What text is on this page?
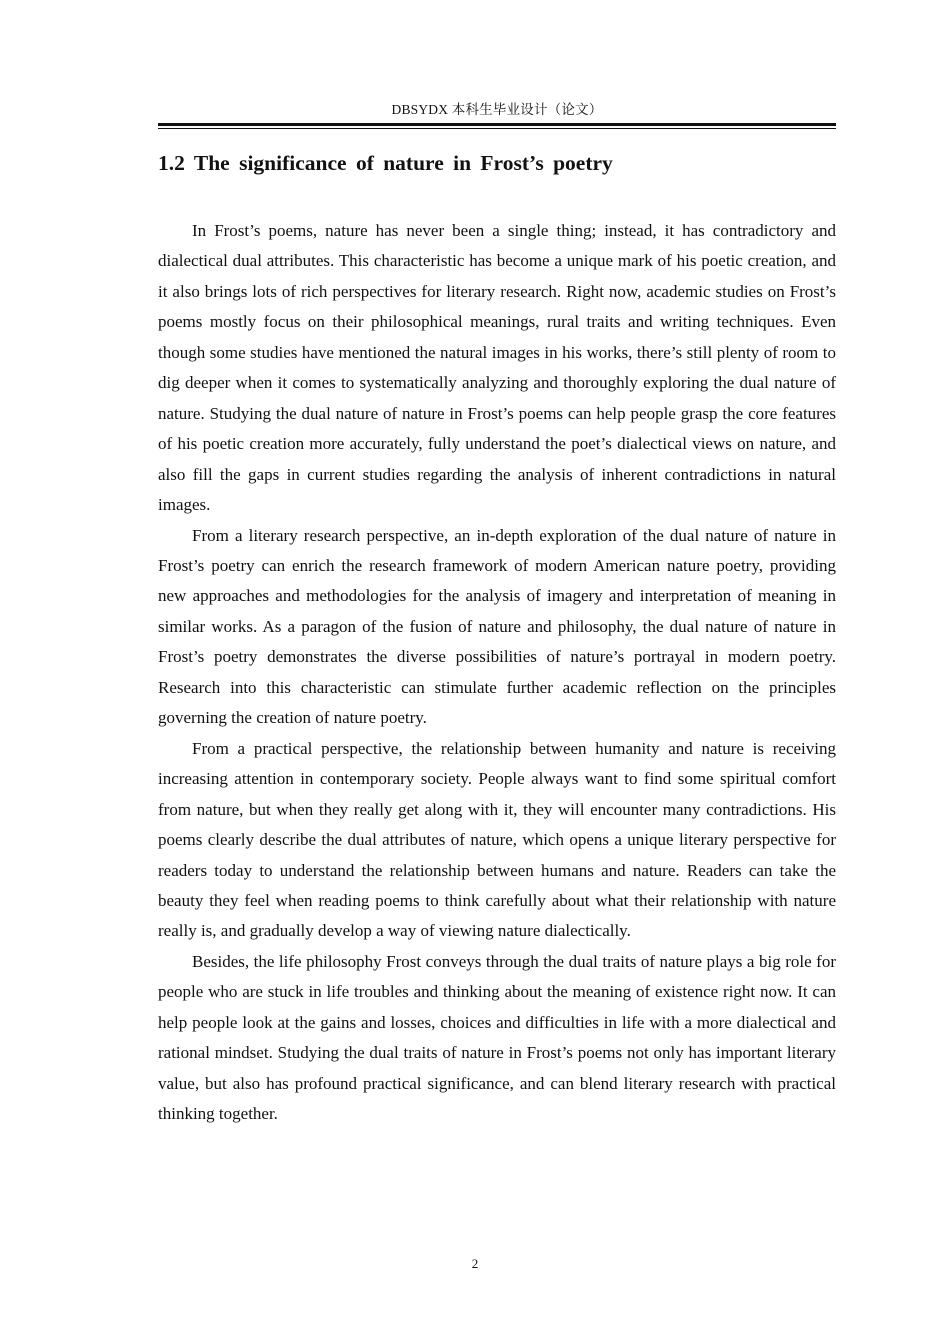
DBSYDX 本科生毕业设计（论文）
1.2 The significance of nature in Frost’s poetry

In Frost’s poems, nature has never been a single thing; instead, it has contradictory and dialectical dual attributes. This characteristic has become a unique mark of his poetic creation, and it also brings lots of rich perspectives for literary research. Right now, academic studies on Frost’s poems mostly focus on their philosophical meanings, rural traits and writing techniques. Even though some studies have mentioned the natural images in his works, there’s still plenty of room to dig deeper when it comes to systematically analyzing and thoroughly exploring the dual nature of nature. Studying the dual nature of nature in Frost’s poems can help people grasp the core features of his poetic creation more accurately, fully understand the poet’s dialectical views on nature, and also fill the gaps in current studies regarding the analysis of inherent contradictions in natural images.

From a literary research perspective, an in-depth exploration of the dual nature of nature in Frost’s poetry can enrich the research framework of modern American nature poetry, providing new approaches and methodologies for the analysis of imagery and interpretation of meaning in similar works. As a paragon of the fusion of nature and philosophy, the dual nature of nature in Frost’s poetry demonstrates the diverse possibilities of nature’s portrayal in modern poetry. Research into this characteristic can stimulate further academic reflection on the principles governing the creation of nature poetry.

From a practical perspective, the relationship between humanity and nature is receiving increasing attention in contemporary society. People always want to find some spiritual comfort from nature, but when they really get along with it, they will encounter many contradictions. His poems clearly describe the dual attributes of nature, which opens a unique literary perspective for readers today to understand the relationship between humans and nature. Readers can take the beauty they feel when reading poems to think carefully about what their relationship with nature really is, and gradually develop a way of viewing nature dialectically.

Besides, the life philosophy Frost conveys through the dual traits of nature plays a big role for people who are stuck in life troubles and thinking about the meaning of existence right now. It can help people look at the gains and losses, choices and difficulties in life with a more dialectical and rational mindset. Studying the dual traits of nature in Frost’s poems not only has important literary value, but also has profound practical significance, and can blend literary research with practical thinking together.

2
